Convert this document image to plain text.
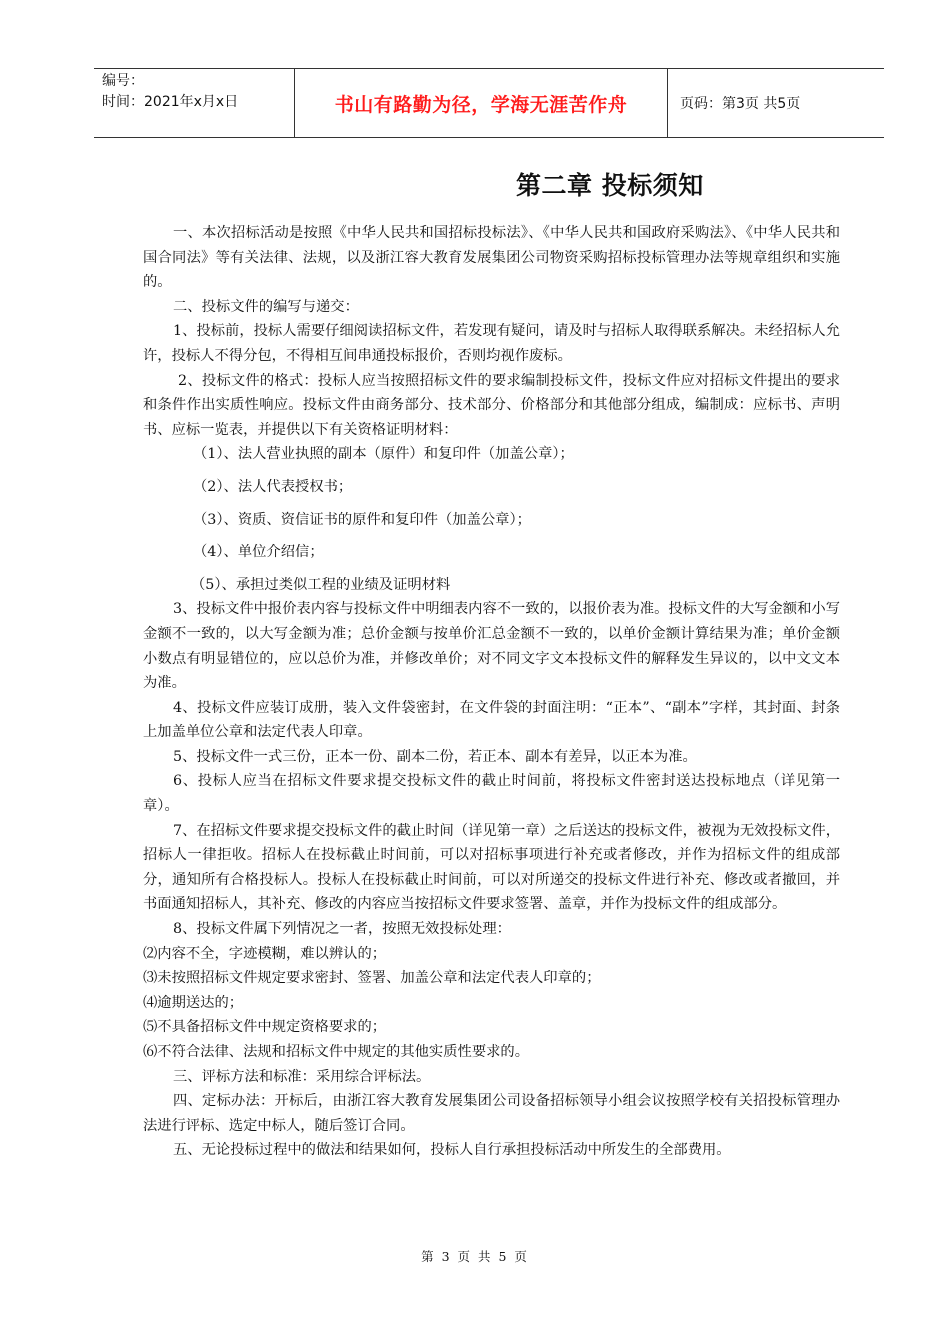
编号：
时间：2021年x月x日	书山有路勤为径，学海无涯苦作舟	页码：第3页 共5页
第二章 投标须知

一、本次招标活动是按照《中华人民共和国招标投标法》、《中华人民共和国政府采购法》、《中华人民共和国合同法》等有关法律、法规，以及浙江容大教育发展集团公司物资采购招标投标管理办法等规章组织和实施的。

二、投标文件的编写与递交：

1、投标前，投标人需要仔细阅读招标文件，若发现有疑问，请及时与招标人取得联系解决。未经招标人允许，投标人不得分包，不得相互间串通投标报价，否则均视作废标。

2、投标文件的格式：投标人应当按照招标文件的要求编制投标文件，投标文件应对招标文件提出的要求和条件作出实质性响应。投标文件由商务部分、技术部分、价格部分和其他部分组成，编制成：应标书、声明书、应标一览表，并提供以下有关资格证明材料：

（1）、法人营业执照的副本（原件）和复印件（加盖公章）；
（2）、法人代表授权书；
（3）、资质、资信证书的原件和复印件（加盖公章）；
（4）、单位介绍信；
（5）、承担过类似工程的业绩及证明材料

3、投标文件中报价表内容与投标文件中明细表内容不一致的，以报价表为准。投标文件的大写金额和小写金额不一致的，以大写金额为准；总价金额与按单价汇总金额不一致的，以单价金额计算结果为准；单价金额小数点有明显错位的，应以总价为准，并修改单价；对不同文字文本投标文件的解释发生异议的，以中文文本为准。

4、投标文件应装订成册，装入文件袋密封，在文件袋的封面注明：“正本”、“副本”字样，其封面、封条上加盖单位公章和法定代表人印章。

5、投标文件一式三份，正本一份、副本二份，若正本、副本有差异，以正本为准。

6、投标人应当在招标文件要求提交投标文件的截止时间前，将投标文件密封送达投标地点（详见第一章）。

7、在招标文件要求提交投标文件的截止时间（详见第一章）之后送达的投标文件，被视为无效投标文件，招标人一律拒收。招标人在投标截止时间前，可以对招标事项进行补充或者修改，并作为招标文件的组成部分，通知所有合格投标人。投标人在投标截止时间前，可以对所递交的投标文件进行补充、修改或者撤回，并书面通知招标人，其补充、修改的内容应当按招标文件要求签署、盖章，并作为投标文件的组成部分。

8、投标文件属下列情况之一者，按照无效投标处理：

⑵内容不全，字迹模糊，难以辨认的；
⑶未按照招标文件规定要求密封、签署、加盖公章和法定代表人印章的；
⑷逾期送达的；
⑸不具备招标文件中规定资格要求的；
⑹不符合法律、法规和招标文件中规定的其他实质性要求的。

三、评标方法和标准：采用综合评标法。

四、定标办法：开标后，由浙江容大教育发展集团公司设备招标领导小组会议按照学校有关招投标管理办法进行评标、选定中标人，随后签订合同。

五、无论投标过程中的做法和结果如何，投标人自行承担投标活动中所发生的全部费用。

第 3 页 共 5 页
